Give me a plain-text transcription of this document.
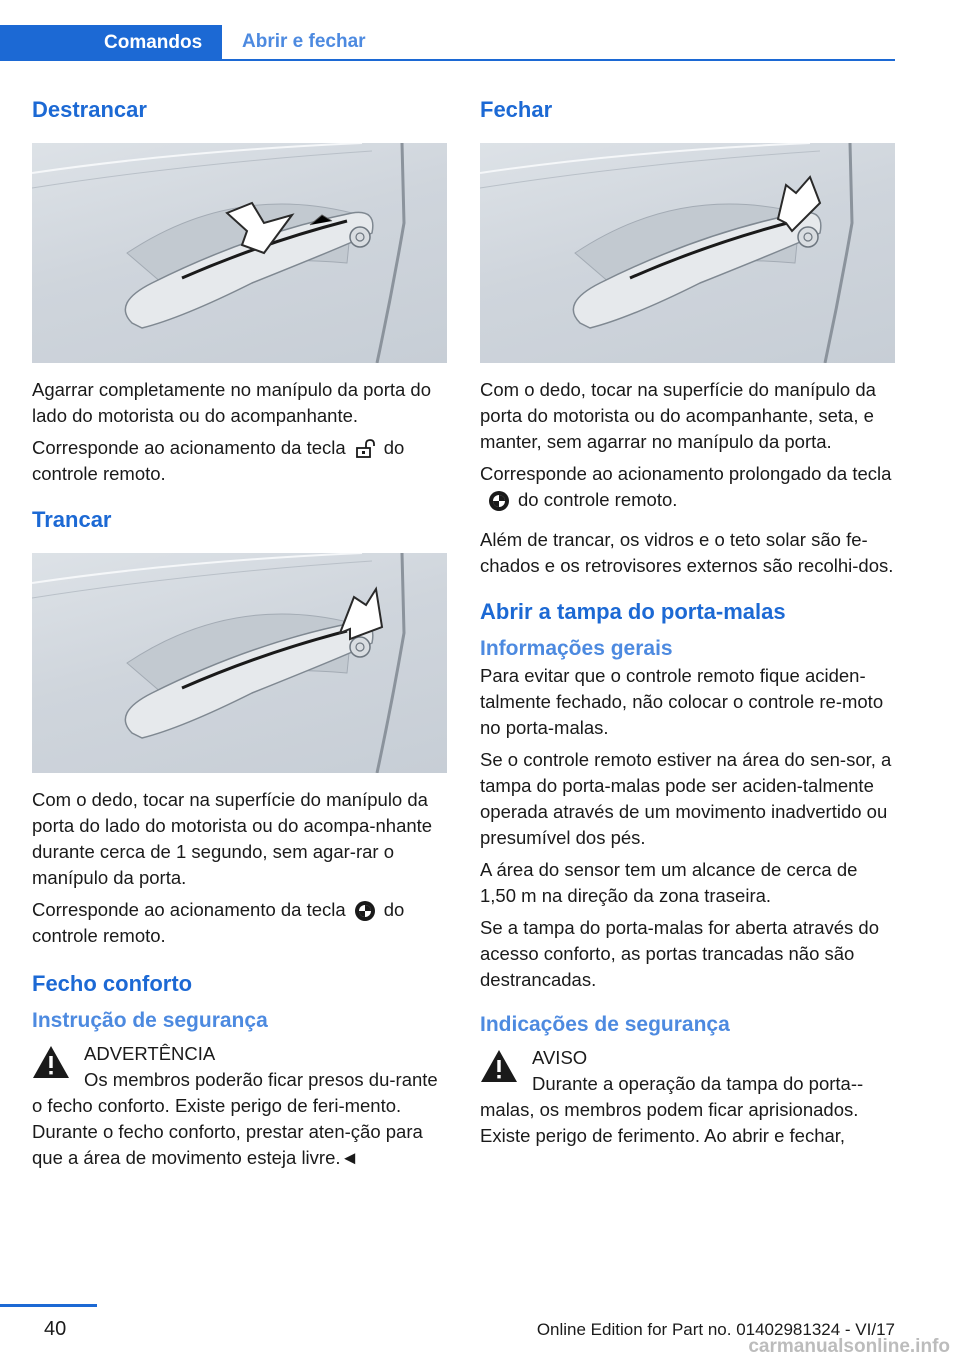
Comandos Abrir e fechar
Destrancar

Agarrar completamente no manípulo da porta do lado do motorista ou do acompanhante.

Corresponde ao acionamento da tecla do controle remoto.

Trancar

Com o dedo, tocar na superfície do manípulo da porta do lado do motorista ou do acompa-nhante durante cerca de 1 segundo, sem agar-rar o manípulo da porta.

Corresponde ao acionamento da tecla do controle remoto.

Fecho conforto
Instrução de segurança
ADVERTÊNCIA
Os membros poderão ficar presos du-rante o fecho conforto. Existe perigo de feri-mento. Durante o fecho conforto, prestar aten-ção para que a área de movimento esteja livre.◄
Fechar

Com o dedo, tocar na superfície do manípulo da porta do motorista ou do acompanhante, seta, e manter, sem agarrar no manípulo da porta.

Corresponde ao acionamento prolongado da teclado controle remoto.

Além de trancar, os vidros e o teto solar são fe-chados e os retrovisores externos são recolhi-dos.

Abrir a tampa do porta-malas
Informações gerais

Para evitar que o controle remoto fique aciden-talmente fechado, não colocar o controle re-moto no porta-malas.

Se o controle remoto estiver na área do sen-sor, a tampa do porta-malas pode ser aciden-talmente operada através de um movimento inadvertido ou presumível dos pés.

A área do sensor tem um alcance de cerca de 1,50 m na direção da zona traseira.

Se a tampa do porta-malas for aberta através do acesso conforto, as portas trancadas não são destrancadas.

Indicações de segurança
AVISO
Durante a operação da tampa do porta--malas, os membros podem ficar aprisionados. Existe perigo de ferimento. Ao abrir e fechar,
40	Online Edition for Part no. 01402981324 - VI/17
carmanualsonline.info
